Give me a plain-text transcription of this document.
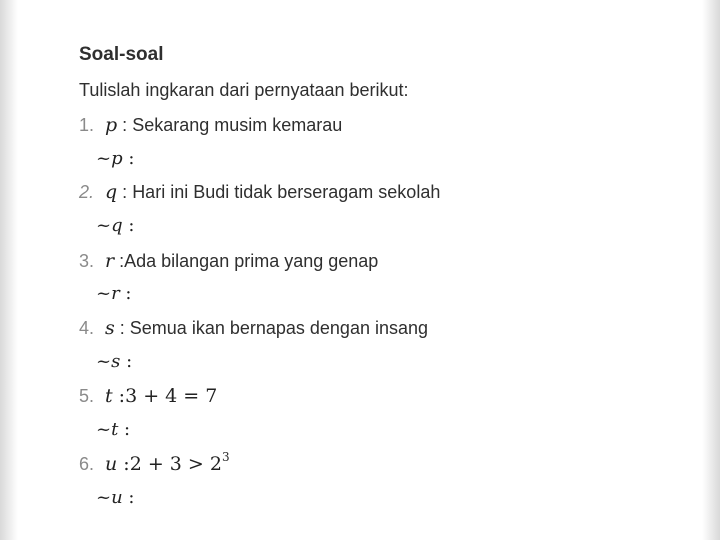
Soal-soal
Tulislah ingkaran dari pernyataan berikut:
1. p : Sekarang musim kemarau
~p :
2. q : Hari ini Budi tidak berseragam sekolah
~q :
3. r : Ada bilangan prima yang genap
~r :
4. s : Semua ikan bernapas dengan insang
~s :
5. t : 3 + 4 = 7
~t :
6. u : 2 + 3 > 2 3
~u :
